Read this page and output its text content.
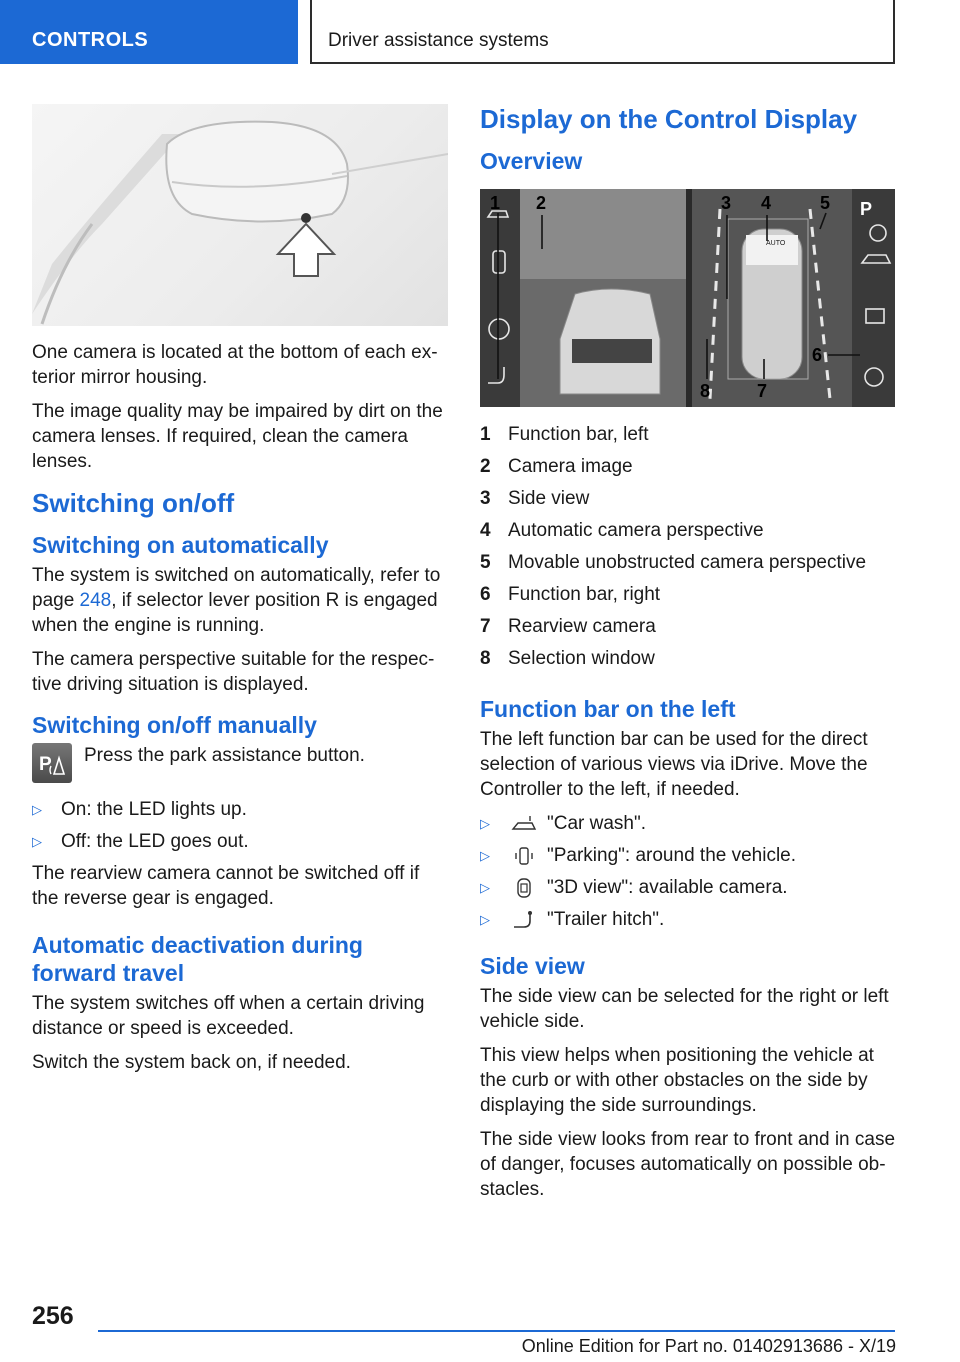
CONTROLS	Driver assistance systems

One camera is located at the bottom of each ex-terior mirror housing.

The image quality may be impaired by dirt on the camera lenses. If required, clean the camera lenses.

Switching on/off
Switching on automatically

The system is switched on automatically, refer to page 248, if selector lever position R is engaged when the engine is running.

The camera perspective suitable for the respec-tive driving situation is displayed.

Switching on/off manually
P Press the park assistance button.

▷	On: the LED lights up.
▷	Off: the LED goes out.

The rearview camera cannot be switched off if the reverse gear is engaged.

Automatic deactivation during forward travel

The system switches off when a certain driving distance or speed is exceeded.

Switch the system back on, if needed.

Display on the Control Display
Overview
1 2	3 4	5
6
7
8
P
AUTO
1 Function bar, left
2 Camera image
3 Side view
4 Automatic camera perspective
5 Movable unobstructed camera perspective
6 Function bar, right
7 Rearview camera
8 Selection window
Function bar on the left

The left function bar can be used for the direct selection of various views via iDrive. Move the Controller to the left, if needed.

▷	"Car wash".
▷	"Parking": around the vehicle.
▷	"3D view": available camera.
▷	"Trailer hitch".
Side view

The side view can be selected for the right or left vehicle side.

This view helps when positioning the vehicle at the curb or with other obstacles on the side by displaying the side surroundings.

The side view looks from rear to front and in case of danger, focuses automatically on possible ob-stacles.

256
Online Edition for Part no. 01402913686 - X/19
